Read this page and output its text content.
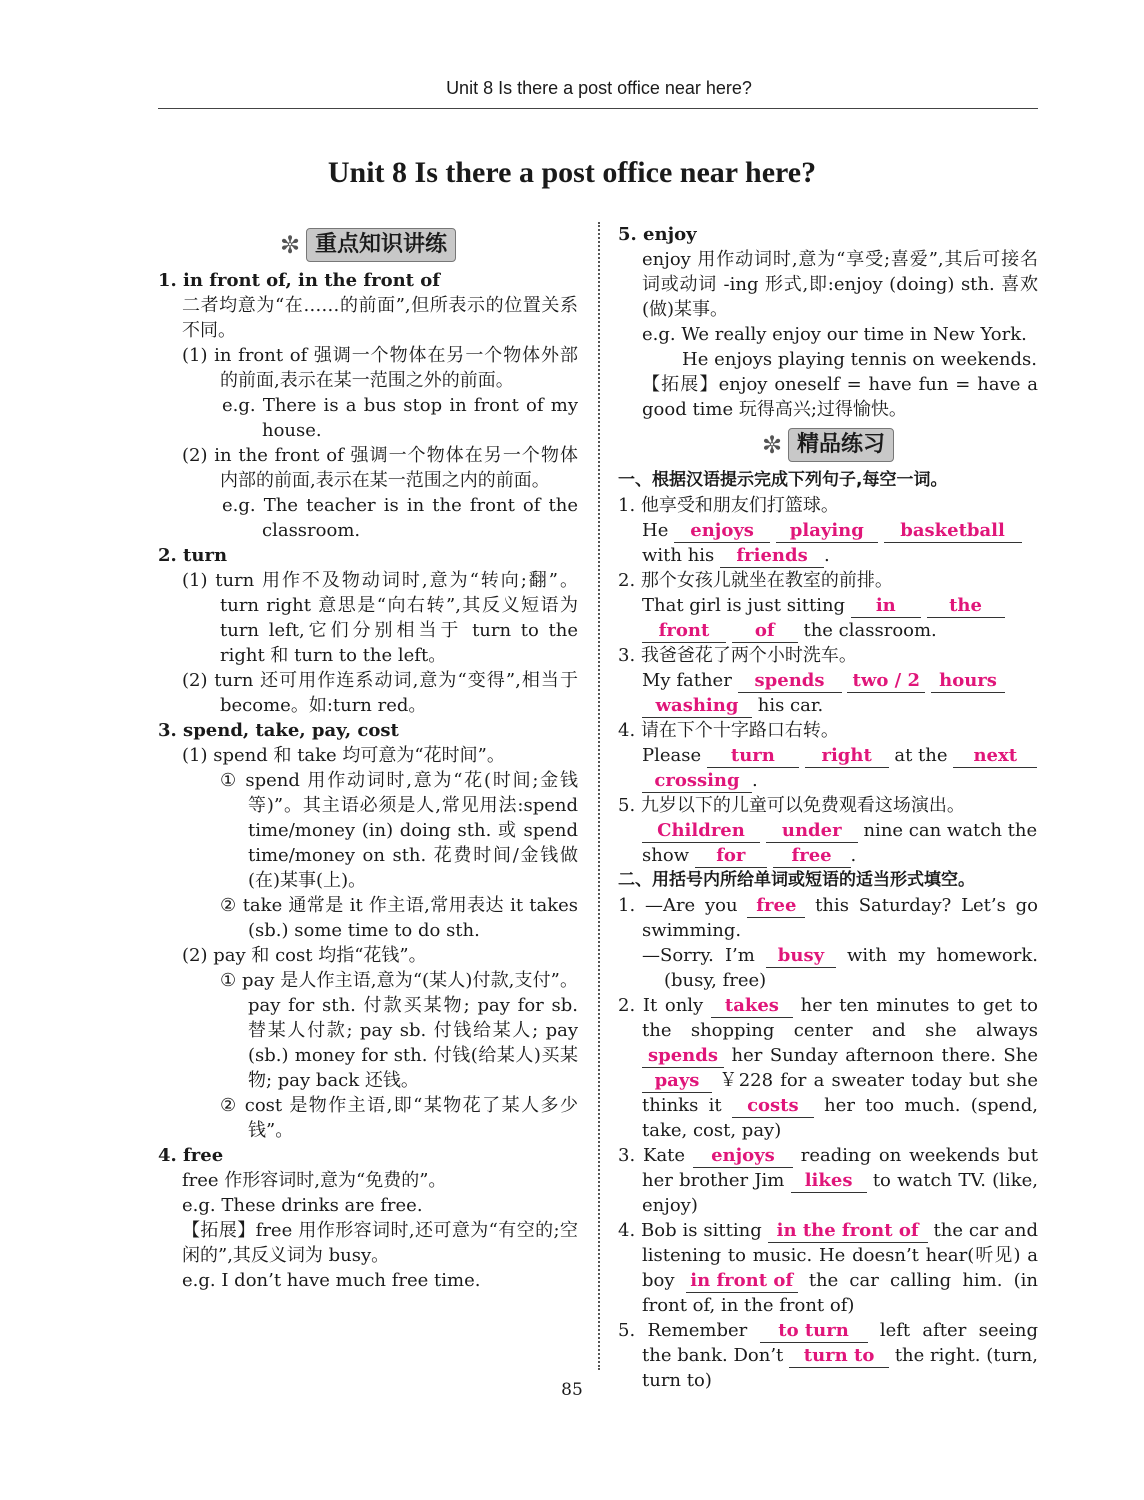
Unit 8 Is there a post office near here?
Unit 8 Is there a post office near here?
✼ 重点知识讲练

1. in front of, in the front of

二者均意为“在……的前面”,但所表示的位置关系不同。

(1) in front of 强调一个物体在另一个物体外部的前面,表示在某一范围之外的前面。

e.g. There is a bus stop in front of my house.

(2) in the front of 强调一个物体在另一个物体内部的前面,表示在某一范围之内的前面。

e.g. The teacher is in the front of the classroom.

2. turn

(1) turn 用作不及物动词时,意为“转向;翻”。turn right 意思是“向右转”,其反义短语为 turn left,它们分别相当于 turn to the right 和 turn to the left。

(2) turn 还可用作连系动词,意为“变得”,相当于become。如:turn red。

3. spend, take, pay, cost

(1) spend 和 take 均可意为“花时间”。

① spend 用作动词时,意为“花(时间;金钱等)”。其主语必须是人,常见用法:spend time/money (in) doing sth. 或 spend time/money on sth. 花费时间/金钱做(在)某事(上)。

② take 通常是 it 作主语,常用表达 it takes (sb.) some time to do sth.

(2) pay 和 cost 均指“花钱”。

① pay 是人作主语,意为“(某人)付款,支付”。pay for sth. 付款买某物; pay for sb. 替某人付款; pay sb. 付钱给某人; pay (sb.) money for sth. 付钱(给某人)买某物; pay back 还钱。

② cost 是物作主语,即“某物花了某人多少钱”。

4. free

free 作形容词时,意为“免费的”。

e.g. These drinks are free.

【拓展】free 用作形容词时,还可意为“有空的;空闲的”,其反义词为 busy。

e.g. I don’t have much free time.

5. enjoy

enjoy 用作动词时,意为“享受;喜爱”,其后可接名词或动词 -ing 形式,即:enjoy (doing) sth. 喜欢(做)某事。

e.g. We really enjoy our time in New York.

He enjoys playing tennis on weekends.

【拓展】enjoy oneself = have fun = have a good time 玩得高兴;过得愉快。

✼ 精品练习

一、根据汉语提示完成下列句子,每空一词。

1. 他享受和朋友们打篮球。

He enjoys playing basketball
with his friends .

2. 那个女孩儿就坐在教室的前排。

That girl is just sitting in	the
front	of the classroom.

3. 我爸爸花了两个小时洗车。

My father spends two / 2 hours
washing his car.

4. 请在下个十字路口右转。

Please turn	right at the next
crossing .

5. 九岁以下的儿童可以免费观看这场演出。

Children under nine can watch the
show for	free .

二、用括号内所给单词或短语的适当形式填空。

1. —Are you free this Saturday? Let’s go swimming.

—Sorry. I’m busy with my homework. (busy, free)

2. It only takes her ten minutes to get to the shopping center and she always spends her Sunday afternoon there. She pays ￥228 for a sweater today but she thinks it costs her too much. (spend, take, cost, pay)

3. Kate enjoys reading on weekends but her brother Jim likes to watch TV. (like, enjoy)

4. Bob is sitting in the front of the car and listening to music. He doesn’t hear(听见) a boy in front of the car calling him. (in front of, in the front of)

5. Remember to turn left after seeing the bank. Don’t turn to the right. (turn, turn to)

85
